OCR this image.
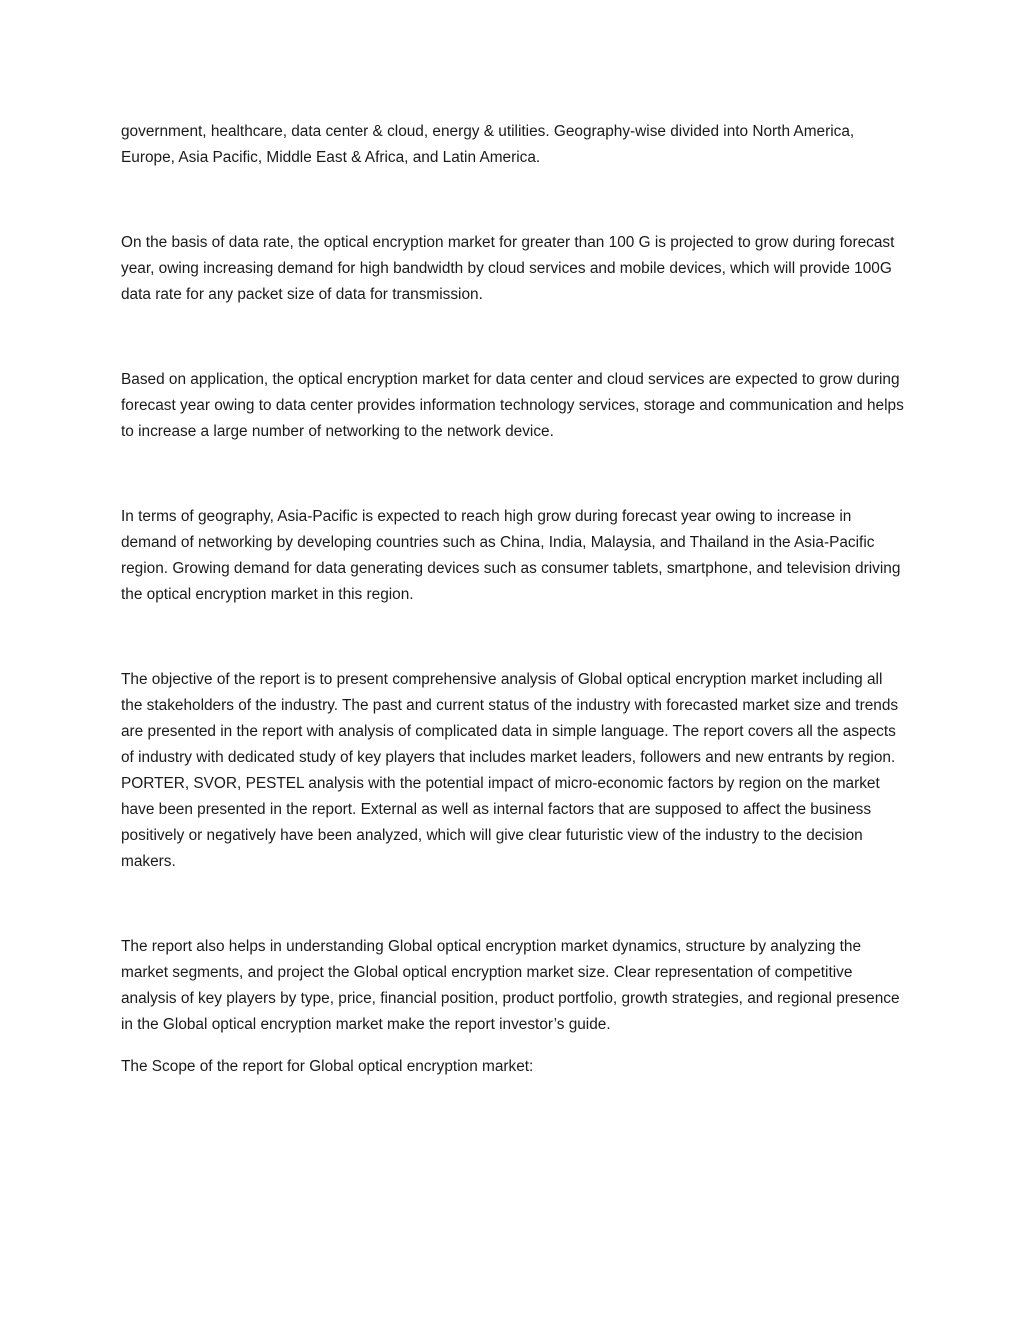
government, healthcare, data center & cloud, energy & utilities. Geography-wise divided into North America, Europe, Asia Pacific, Middle East & Africa, and Latin America.

On the basis of data rate, the optical encryption market for greater than 100 G is projected to grow during forecast year, owing increasing demand for high bandwidth by cloud services and mobile devices, which will provide 100G data rate for any packet size of data for transmission.

Based on application, the optical encryption market for data center and cloud services are expected to grow during forecast year owing to data center provides information technology services, storage and communication and helps to increase a large number of networking to the network device.

In terms of geography, Asia-Pacific is expected to reach high grow during forecast year owing to increase in demand of networking by developing countries such as China, India, Malaysia, and Thailand in the Asia-Pacific region. Growing demand for data generating devices such as consumer tablets, smartphone, and television driving the optical encryption market in this region.

The objective of the report is to present comprehensive analysis of Global optical encryption market including all the stakeholders of the industry. The past and current status of the industry with forecasted market size and trends are presented in the report with analysis of complicated data in simple language. The report covers all the aspects of industry with dedicated study of key players that includes market leaders, followers and new entrants by region. PORTER, SVOR, PESTEL analysis with the potential impact of micro-economic factors by region on the market have been presented in the report. External as well as internal factors that are supposed to affect the business positively or negatively have been analyzed, which will give clear futuristic view of the industry to the decision makers.

The report also helps in understanding Global optical encryption market dynamics, structure by analyzing the market segments, and project the Global optical encryption market size. Clear representation of competitive analysis of key players by type, price, financial position, product portfolio, growth strategies, and regional presence in the Global optical encryption market make the report investor’s guide.

The Scope of the report for Global optical encryption market:
